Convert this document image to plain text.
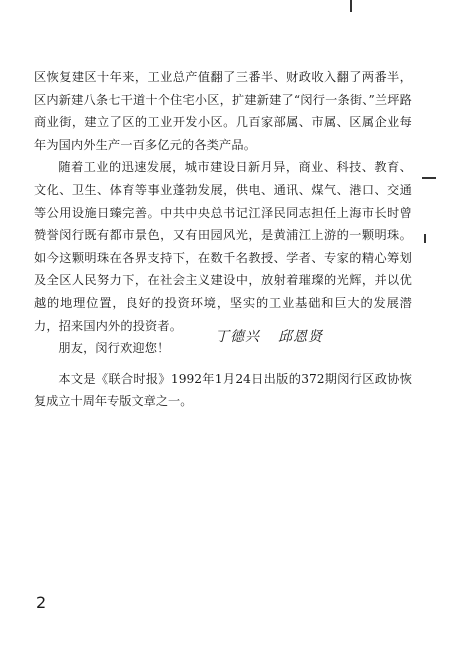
区恢复建区十年来，工业总产值翻了三番半、财政收入翻了两番半，区内新建八条七干道十个住宅小区，扩建新建了“闵行一条街、”兰坪路商业街，建立了区的工业开发小区。几百家部属、市属、区属企业每年为国内外生产一百多亿元的各类产品。

随着工业的迅速发展，城市建设日新月异，商业、科技、教育、文化、卫生、体育等事业蓬勃发展，供电、通讯、煤气、港口、交通等公用设施日臻完善。中共中央总书记江泽民同志担任上海市长时曾赞誉闵行既有都市景色，又有田园风光，是黄浦江上游的一颗明珠。如今这颗明珠在各界支持下，在数千名教授、学者、专家的精心筹划及全区人民努力下，在社会主义建设中，放射着璀璨的光辉，并以优越的地理位置，良好的投资环境，坚实的工业基础和巨大的发展潜力，招来国内外的投资者。

朋友，闵行欢迎您！

丁德兴 邱恩贤
本文是《联合时报》1992年1月24日出版的372期闵行区政协恢复成立十周年专版文章之一。
2
